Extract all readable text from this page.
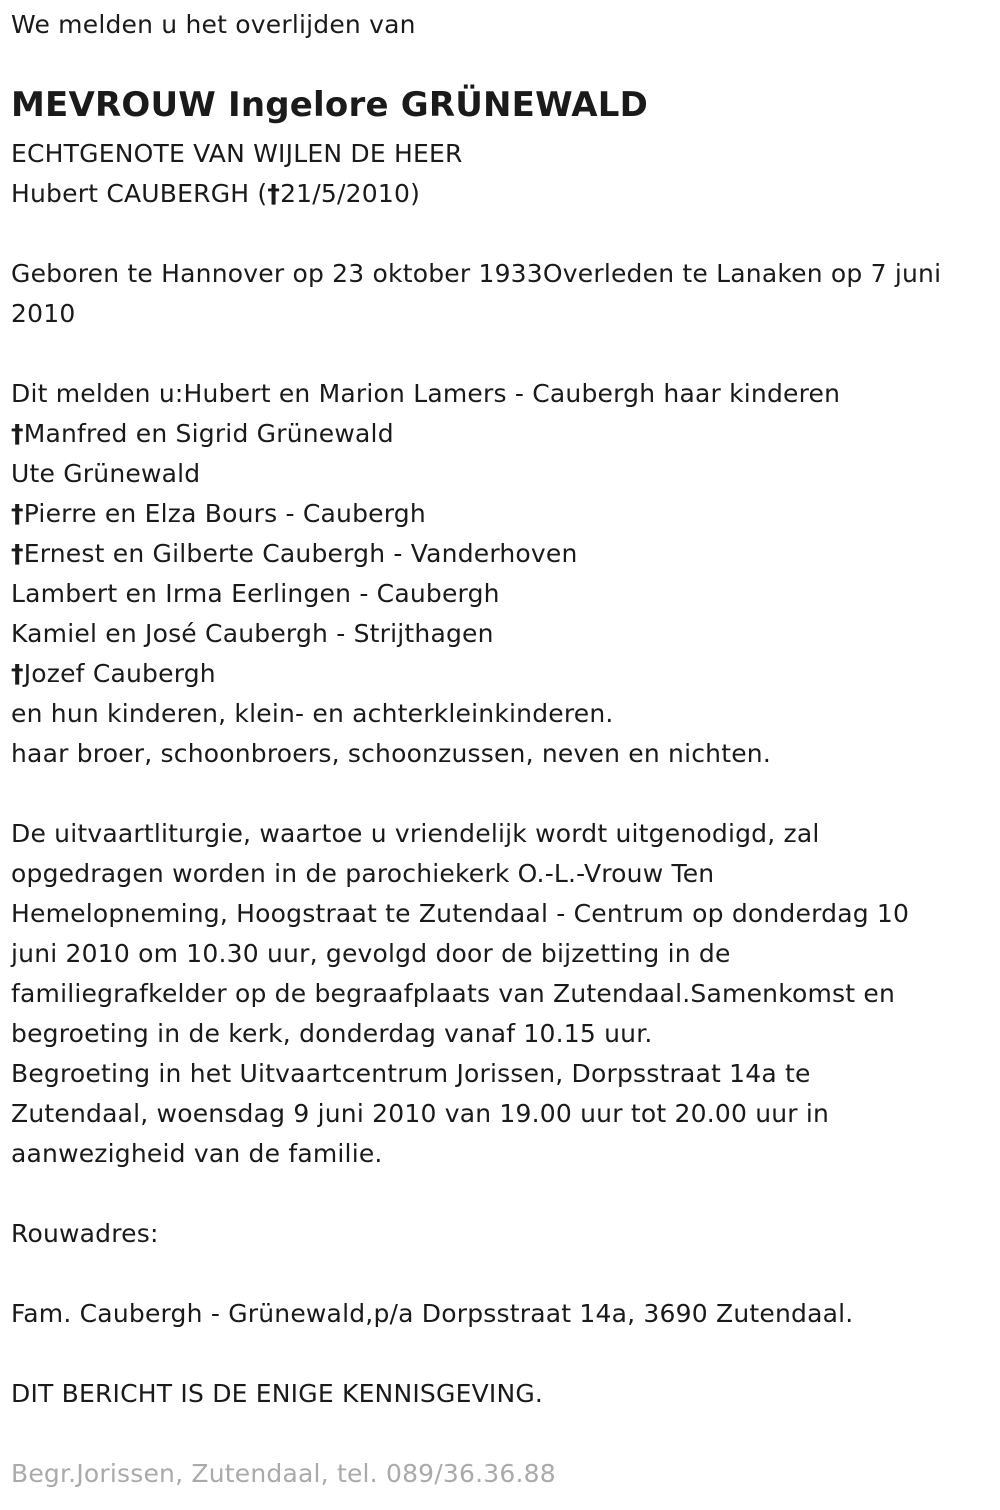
We melden u het overlijden van
MEVROUW Ingelore GRÜNEWALD
ECHTGENOTE VAN WIJLEN DE HEER
Hubert CAUBERGH (†21/5/2010)
Geboren te Hannover op 23 oktober 1933Overleden te Lanaken op 7 juni
2010
Dit melden u:Hubert en Marion Lamers - Caubergh haar kinderen
†Manfred en Sigrid Grünewald
Ute Grünewald
†Pierre en Elza Bours - Caubergh
†Ernest en Gilberte Caubergh - Vanderhoven
Lambert en Irma Eerlingen - Caubergh
Kamiel en José Caubergh - Strijthagen
†Jozef Caubergh
en hun kinderen, klein- en achterkleinkinderen.
haar broer, schoonbroers, schoonzussen, neven en nichten.
De uitvaartliturgie, waartoe u vriendelijk wordt uitgenodigd, zal
opgedragen worden in de parochiekerk O.-L.-Vrouw Ten
Hemelopneming, Hoogstraat te Zutendaal - Centrum op donderdag 10
juni 2010 om 10.30 uur, gevolgd door de bijzetting in de
familiegrafkelder op de begraafplaats van Zutendaal.Samenkomst en
begroeting in de kerk, donderdag vanaf 10.15 uur.
Begroeting in het Uitvaartcentrum Jorissen, Dorpsstraat 14a te
Zutendaal, woensdag 9 juni 2010 van 19.00 uur tot 20.00 uur in
aanwezigheid van de familie.
Rouwadres:
Fam. Caubergh - Grünewald,p/a Dorpsstraat 14a, 3690 Zutendaal.
DIT BERICHT IS DE ENIGE KENNISGEVING.
Begr.Jorissen, Zutendaal, tel. 089/36.36.88
